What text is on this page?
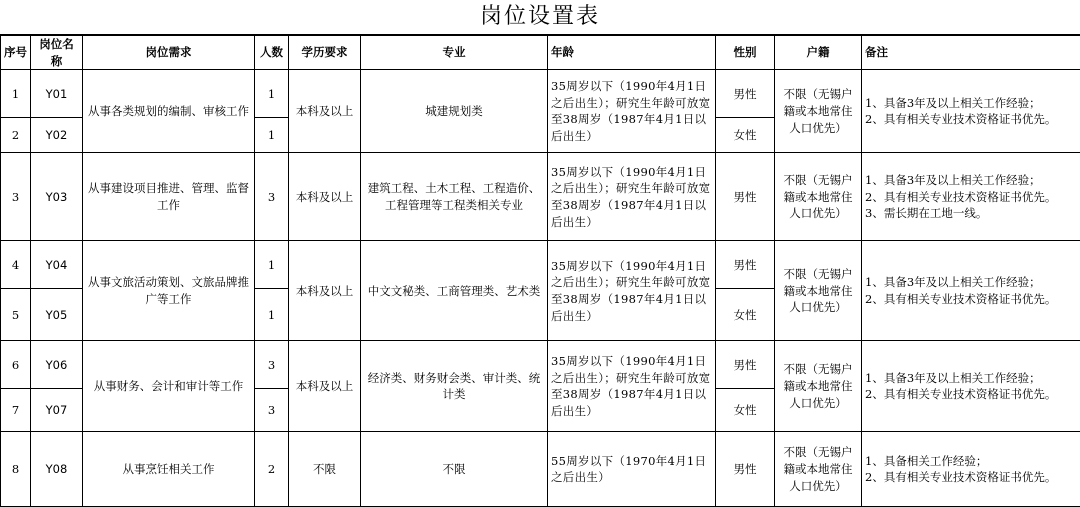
岗位设置表
序号	岗位名称	岗位需求	人数	学历要求	专业	年龄	性别	户籍	备注
1	Y01	从事各类规划的编制、审核工作	1	本科及以上	城建规划类	35周岁以下（1990年4月1日之后出生）；研究生年龄可放宽至38周岁（1987年4月1日以后出生）	男性	不限（无锡户籍或本地常住人口优先）	1、具备3年及以上相关工作经验；
2、具有相关专业技术资格证书优先。

2	Y02		1				女性		
3	Y03	从事建设项目推进、管理、监督工作	3	本科及以上	建筑工程、土木工程、工程造价、工程管理等工程类相关专业	35周岁以下（1990年4月1日之后出生）；研究生年龄可放宽至38周岁（1987年4月1日以后出生）	男性	不限（无锡户籍或本地常住人口优先）	1、具备3年及以上相关工作经验；
2、具有相关专业技术资格证书优先。
3、需长期在工地一线。

4	Y04	从事文旅活动策划、文旅品牌推广等工作	1	本科及以上	中文文秘类、工商管理类、艺术类	35周岁以下（1990年4月1日之后出生）；研究生年龄可放宽至38周岁（1987年4月1日以后出生）	男性	不限（无锡户籍或本地常住人口优先）	1、具备3年及以上相关工作经验；
2、具有相关专业技术资格证书优先。

5	Y05		1				女性		
6	Y06	从事财务、会计和审计等工作	3	本科及以上	经济类、财务财会类、审计类、统计类	35周岁以下（1990年4月1日之后出生）；研究生年龄可放宽至38周岁（1987年4月1日以后出生）	男性	不限（无锡户籍或本地常住人口优先）	1、具备3年及以上相关工作经验；
2、具有相关专业技术资格证书优先。

7	Y07		3				女性		
8	Y08	从事烹饪相关工作	2	不限	不限	55周岁以下（1970年4月1日之后出生）	男性	不限（无锡户籍或本地常住人口优先）	1、具备相关工作经验；
2、具有相关专业技术资格证书优先。
